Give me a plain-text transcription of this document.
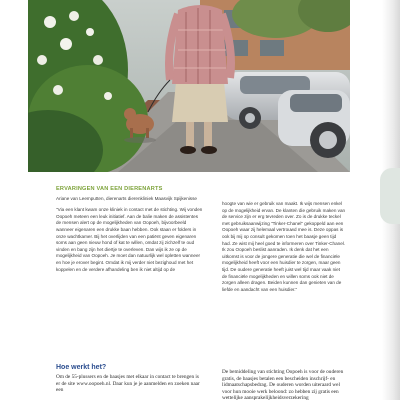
ERVARINGEN VAN EEN DIERENARTS
Ariane van Leemputten, dierenarts dierenkliniek Maasvijk Spijkenisse

"Via een klant kwam onze kliniek in contact met de stichting. Wij vonden Oopoeh meteen een leuk initiatief. Aan de balie maken de assistentes de mensen alert op de mogelijkheden van Oopoeh, bijvoorbeeld wanneer eigenaren een drukke baan hebben. Ook staan er folders in onze wachtkamer. Bij het overlijden van een patiënt geven eigenaren soms aan geen nieuw hond of kat te willen, omdat zij zichzelf te oud vinden en bang zijn het diertje te overleven. Dan wijs ik ze op de mogelijkheid van Oopoeh. Je moet dan natuurlijk wel opletten wanneer en hoe je erover begint. Omdat ik mij verder niet bezighoud met het koppelen en de verdere afhandeling ben ik niet altijd op de

hoogte van wie er gebruik van maakt. Ik wijs mensen enkel op de mogelijkheid ervan. De klanten die gebruik maken van de service zijn er erg tevreden over. Zo is de drukke teckel met gebruiksaanwijzing "Tinker-Chanel" gekoppeld aan een Oopoeh waar zij helemaal vertrouwd mee is. Deze oppas is ook bij mij op consult gekomen toen het baasje geen tijd had. Ze wist mij heel goed te informeren over Tinker-Chanel. Ik zou Oopoeh beslist aanraden. Ik denk dat het een uitkomst is voor de jongere generatie die wel de financiële mogelijkheid heeft voor een huisdier te zorgen, maar geen tijd. De oudere generatie heeft juist wel tijd maar vaak niet de financiële mogelijkheden en willen soms ook niet de zorgen alleen dragen. Beiden kunnen dan genieten van de liefde en aandacht van een huisdier."

Hoe werkt het?
Om de 55-plussers en de baasjes met elkaar in contact te brengen is er de site www.oopoeh.nl. Daar kun je je aanmelden en zoeken naar een
De bemiddeling van stichting Oopoeh is voor de ouderen gratis, de baasjes betalen een bescheiden inschrijf- en lidmaatschapsbedrag. De ouderen worden uiteraard wel voor hun mooie werk beloond: zo hebben zij gratis een wettelijke aansprakelijkheidsverzekering
